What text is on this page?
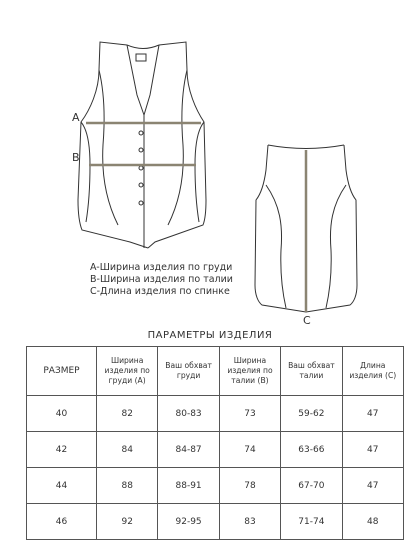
A
B
C
A-Ширина изделия по груди
B-Ширина изделия по талии
C-Длина изделия по спинке
ПАРАМЕТРЫ ИЗДЕЛИЯ
РАЗМЕР	Ширина изделия по груди (А)	Ваш обхват груди	Ширина изделия по талии (В)	Ваш обхват талии	Длина изделия (С)
40	82	80-83	73	59-62	47
42	84	84-87	74	63-66	47
44	88	88-91	78	67-70	47
46	92	92-95	83	71-74	48
